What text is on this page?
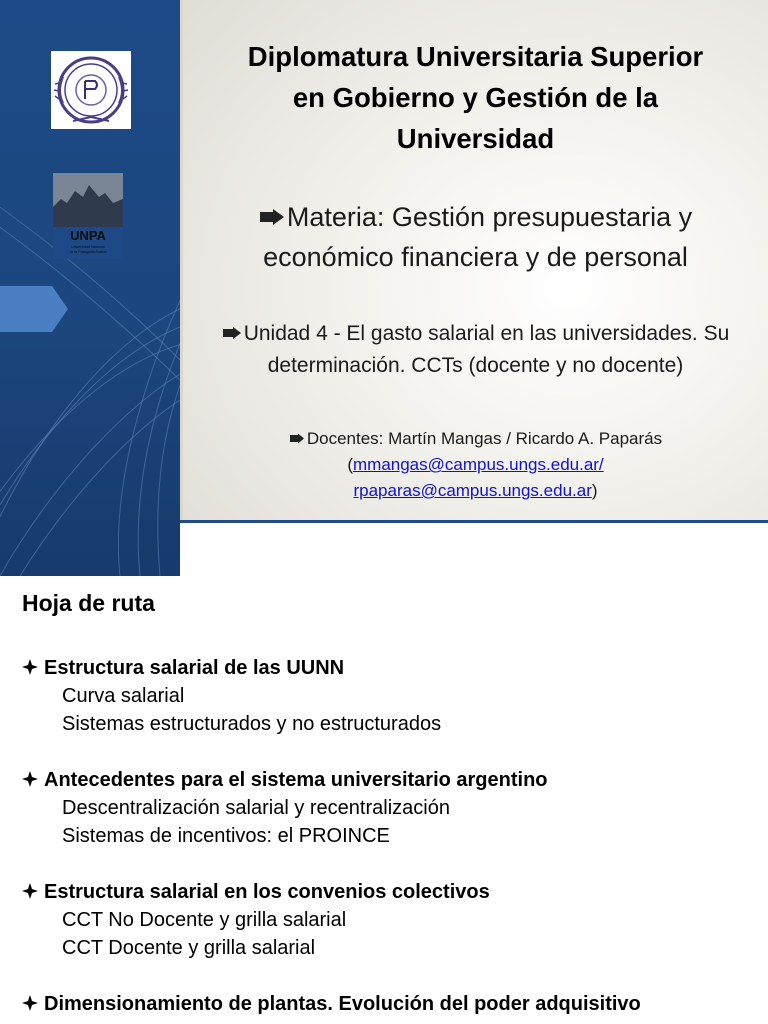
UNPA
Universidad Nacional
de la Patagonia Austral
Diplomatura Universitaria Superior
en Gobierno y Gestión de la
Universidad
Materia: Gestión presupuestaria y
económico financiera y de personal
Unidad 4 - El gasto salarial en las universidades. Su
determinación. CCTs (docente y no docente)
Docentes: Martín Mangas / Ricardo A. Paparás
(mmangas@campus.ungs.edu.ar/
rpaparas@campus.ungs.edu.ar)
Hoja de ruta
Estructura salarial de las UUNN
Curva salarial
Sistemas estructurados y no estructurados
Antecedentes para el sistema universitario argentino
Descentralización salarial y recentralización
Sistemas de incentivos: el PROINCE
Estructura salarial en los convenios colectivos
CCT No Docente y grilla salarial
CCT Docente y grilla salarial
Dimensionamiento de plantas. Evolución del poder adquisitivo
